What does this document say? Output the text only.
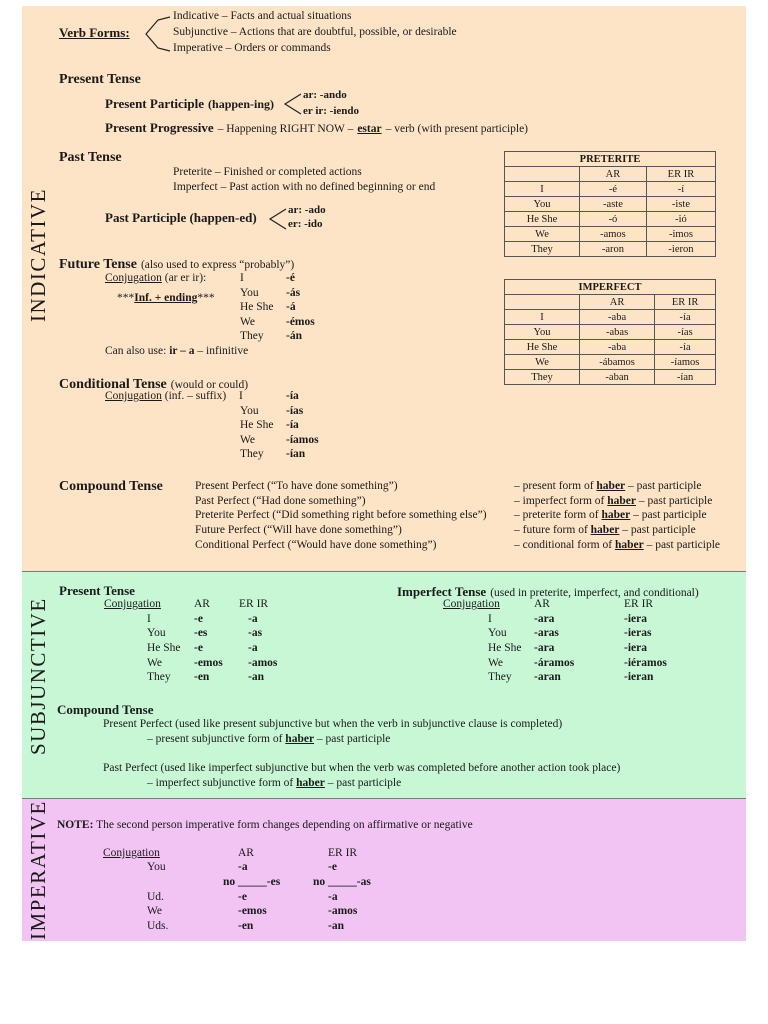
INDICATIVE
Verb Forms:
Indicative – Facts and actual situations
Subjunctive – Actions that are doubtful, possible, or desirable
Imperative – Orders or commands
Present Tense
Present Participle (happen-ing)
ar: -ando
er ir: -iendo
Present Progressive – Happening RIGHT NOW – estar – verb (with present participle)
Past Tense
Preterite – Finished or completed actions
Imperfect – Past action with no defined beginning or end
Past Participle (happen-ed)	ar: -ado
er: -ido
Future Tense (also used to express “probably”)
Conjugation (ar er ir):
***Inf. + ending***
I	-é
You -ás
He She -á
We	-émos
They -án
Can also use: ir – a – infinitive
Conditional Tense (would or could)
Conjugation (inf. – suffix) I	-ía
You -ías
He She -ía
We	-íamos
They -ían
Compound Tense	Present Perfect (“To have done something”)	– present form of haber – past participle
Past Perfect (“Had done something”)	– imperfect form of haber – past participle
Preterite Perfect (“Did something right before something else”) – preterite form of haber – past participle
Future Perfect (“Will have done something”)	– future form of haber – past participle
Conditional Perfect (“Would have done something”)	– conditional form of haber – past participle
PRETERITE		
	AR	ER IR
I	-é	-í
You	-aste	-iste
He She	-ó	-ió
We	-amos	-imos
They	-aron	-ieron
IMPERFECT		
	AR	ER IR
I	-aba	-ía
You	-abas	-ías
He She	-aba	-ía
We	-ábamos	-íamos
They	-aban	-ían
SUBJUNCTIVE
Present Tense
Conjugation	AR	ER IR
I	-e	-a
You -es	-as
He She -e	-a
We	-emos -amos
They -en	-an
Imperfect Tense (used in preterite, imperfect, and conditional)
Conjugation	AR	ER IR
I	-ara	-iera
You -aras	-ieras
He She -ara	-iera
We	-áramos	-iéramos
They -aran	-ieran
Compound Tense
Present Perfect (used like present subjunctive but when the verb in subjunctive clause is completed)
– present subjunctive form of haber – past participle
Past Perfect (used like imperfect subjunctive but when the verb was completed before another action took place)
– imperfect subjunctive form of haber – past participle
IMPERATIVE NOTE: The second person imperative form changes depending on affirmative or negative
Conjugation	AR	ER IR
You	-a	-e
no _____-es	no _____-as
Ud.	-e	-a
We	-emos	-amos
Uds.	-en	-an
